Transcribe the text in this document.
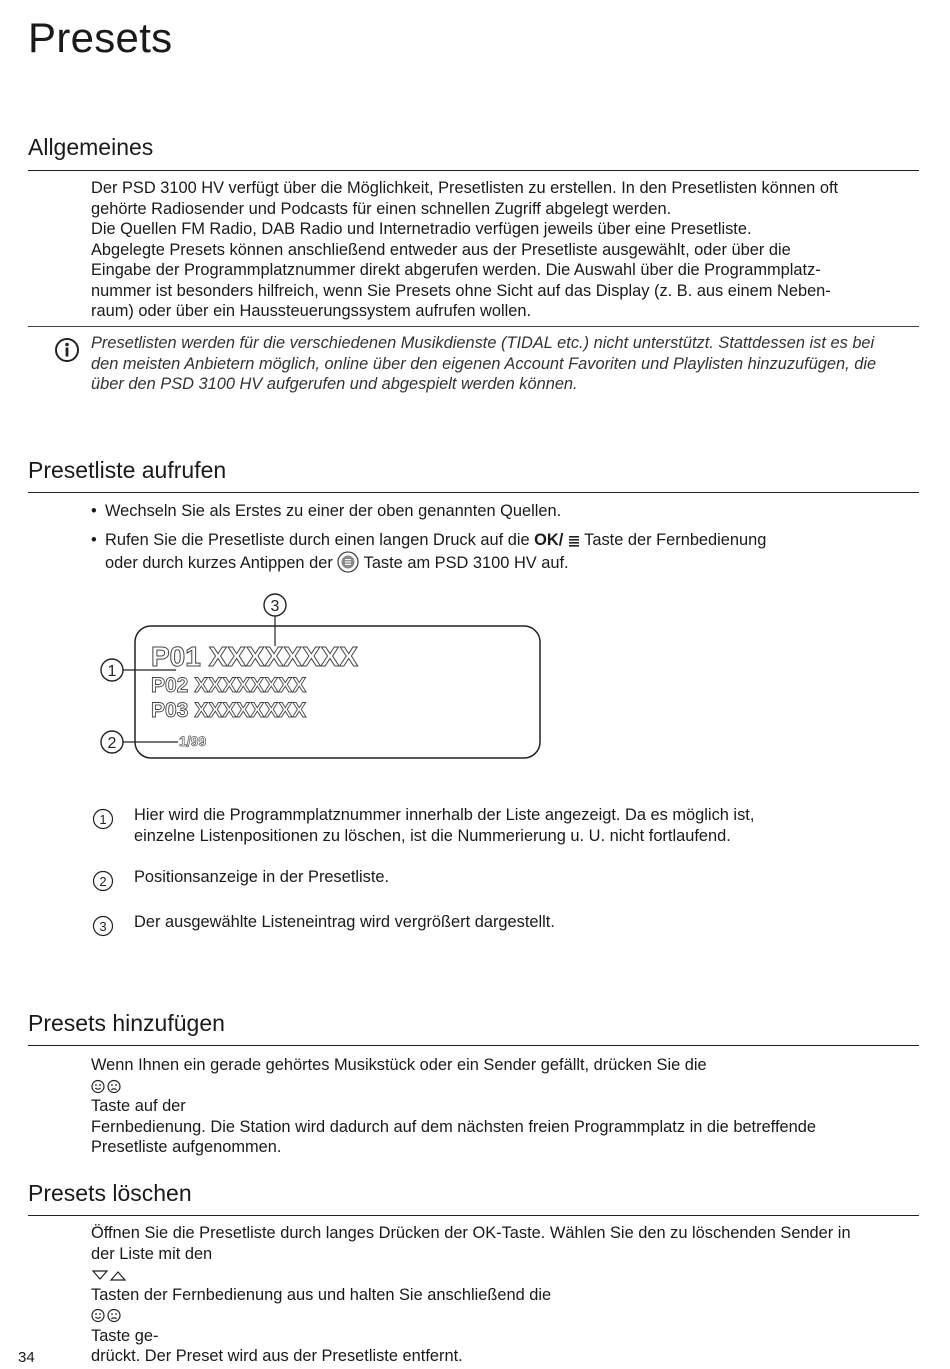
Presets
Allgemeines
Der PSD 3100 HV verfügt über die Möglichkeit, Presetlisten zu erstellen. In den Presetlisten können oft
gehörte Radiosender und Podcasts für einen schnellen Zugriff abgelegt werden.
Die Quellen FM Radio, DAB Radio und Internetradio verfügen jeweils über eine Presetliste.
Abgelegte Presets können anschließend entweder aus der Presetliste ausgewählt, oder über die
Eingabe der Programmplatznummer direkt abgerufen werden. Die Auswahl über die Programmplatz-
nummer ist besonders hilfreich, wenn Sie Presets ohne Sicht auf das Display (z. B. aus einem Neben-
raum) oder über ein Haussteuerungssystem aufrufen wollen.
Presetlisten werden für die verschiedenen Musikdienste (TIDAL etc.) nicht unterstützt. Stattdessen ist es bei
den meisten Anbietern möglich, online über den eigenen Account Favoriten und Playlisten hinzuzufügen, die
über den PSD 3100 HV aufgerufen und abgespielt werden können.
Presetliste aufrufen
• Wechseln Sie als Erstes zu einer der oben genannten Quellen.
• Rufen Sie die Presetliste durch einen langen Druck auf die OK/ Taste der Fernbedienung
oder durch kurzes Antippen der Taste am PSD 3100 HV auf.
3
1
2
P01 XXXXXXXX
P02 XXXXXXXX
P03 XXXXXXXX
1/99
1 Hier wird die Programmplatznummer innerhalb der Liste angezeigt. Da es möglich ist,
einzelne Listenpositionen zu löschen, ist die Nummerierung u. U. nicht fortlaufend.
2 Positionsanzeige in der Presetliste.
3 Der ausgewählte Listeneintrag wird vergrößert dargestellt.
Presets hinzufügen
Wenn Ihnen ein gerade gehörtes Musikstück oder ein Sender gefällt, drücken Sie die
Taste auf der
Fernbedienung. Die Station wird dadurch auf dem nächsten freien Programmplatz in die betreffende
Presetliste aufgenommen.
Presets löschen
Öffnen Sie die Presetliste durch langes Drücken der OK-Taste. Wählen Sie den zu löschenden Sender in
der Liste mit den
Tasten der Fernbedienung aus und halten Sie anschließend die
Taste ge-
drückt. Der Preset wird aus der Presetliste entfernt.
34
